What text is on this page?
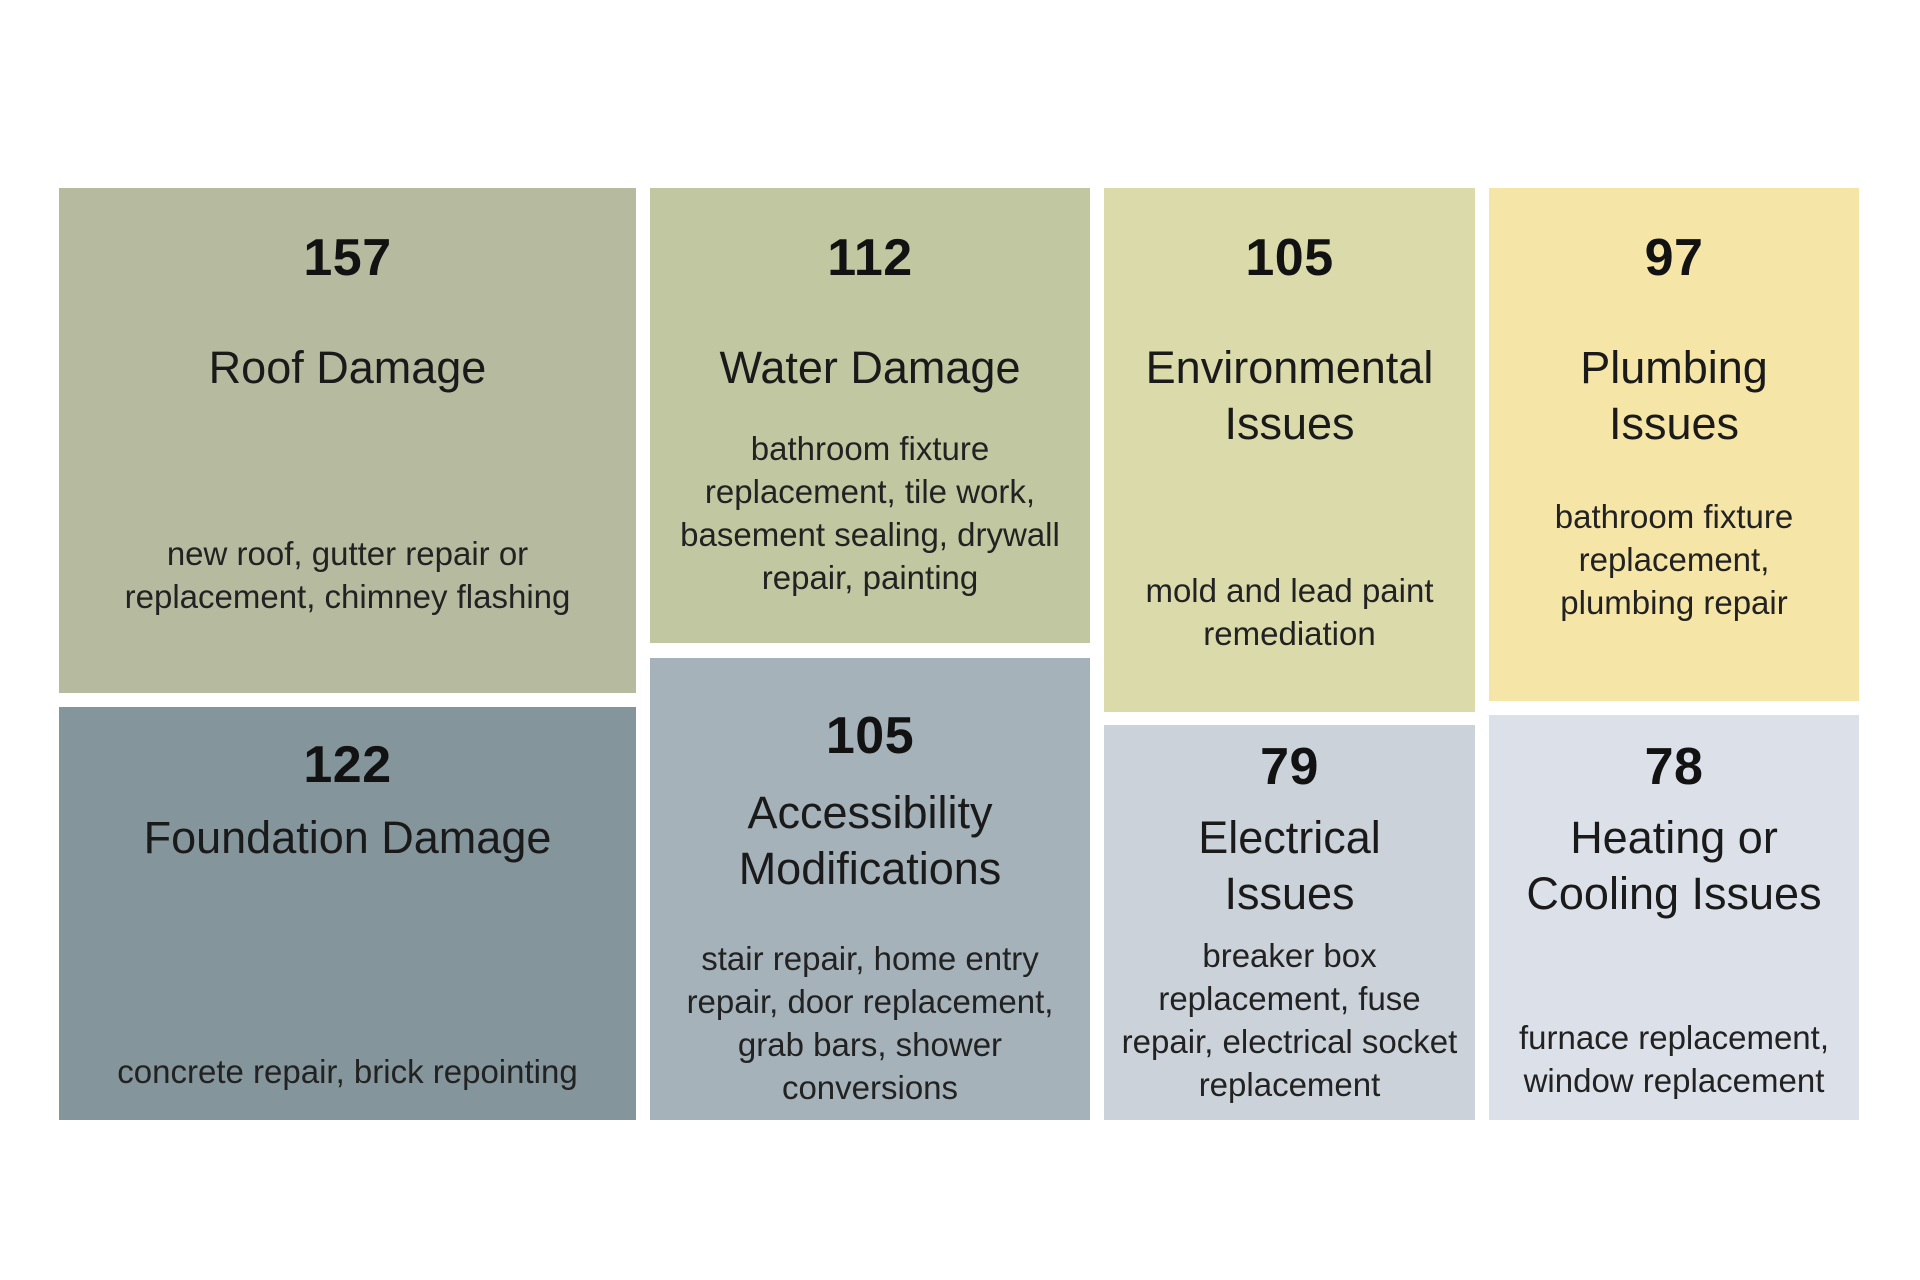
157
Roof Damage
new roof, gutter repair or replacement, chimney flashing
122
Foundation Damage
concrete repair, brick repointing
112
Water Damage
bathroom fixture replacement, tile work, basement sealing, drywall repair, painting
105
Accessibility Modifications
stair repair, home entry repair, door replacement, grab bars, shower conversions
105
Environmental Issues
mold and lead paint remediation
79
Electrical Issues
breaker box replacement, fuse repair, electrical socket replacement
97
Plumbing Issues
bathroom fixture replacement, plumbing repair
78
Heating or Cooling Issues
furnace replacement, window replacement
